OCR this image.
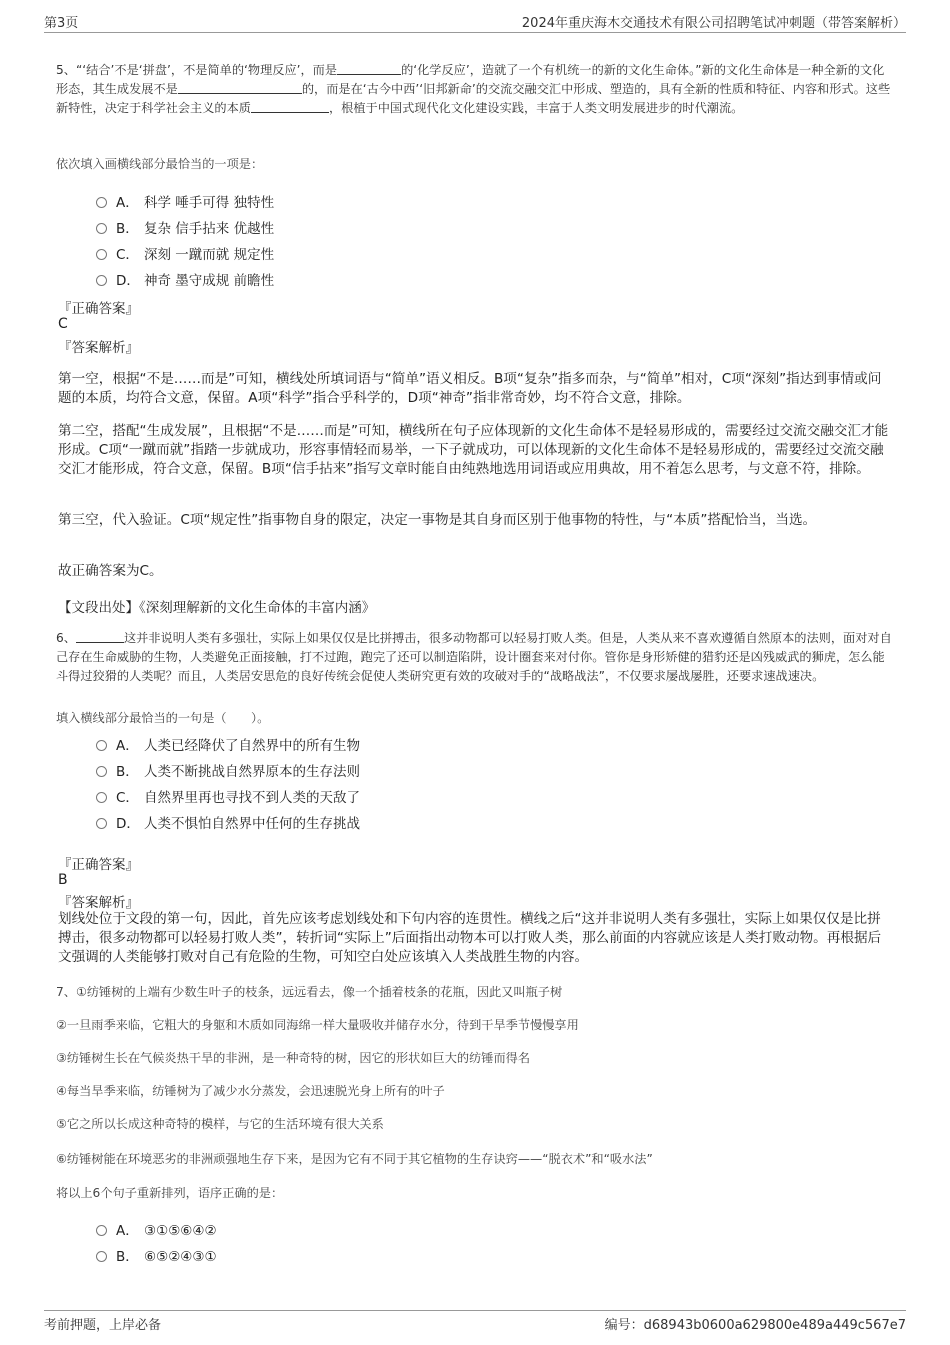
第3页	2024年重庆海木交通技术有限公司招聘笔试冲刺题（带答案解析）

5、“‘结合’不是‘拼盘’，不是简单的‘物理反应’，而是	的‘化学反应’，造就了一个有机统一的新的文化生命体。”新的文化生命体是一种全新的文化形态，其生成发展不是	的，而是在‘古今中西’‘旧邦新命’的交流交融交汇中形成、塑造的，具有全新的性质和特征、内容和形式。这些新特性，决定于科学社会主义的本质	，根植于中国式现代化文化建设实践，丰富于人类文明发展进步的时代潮流。

依次填入画横线部分最恰当的一项是：
A． 科学 唾手可得 独特性
B． 复杂 信手拈来 优越性
C． 深刻 一蹴而就 规定性
D． 神奇 墨守成规 前瞻性
『正确答案』
C
『答案解析』

第一空，根据“不是……而是”可知，横线处所填词语与“简单”语义相反。B项“复杂”指多而杂，与“简单”相对，C项“深刻”指达到事情或问题的本质，均符合文意，保留。A项“科学”指合乎科学的，D项“神奇”指非常奇妙，均不符合文意，排除。

第二空，搭配“生成发展”，且根据“不是……而是”可知，横线所在句子应体现新的文化生命体不是轻易形成的，需要经过交流交融交汇才能形成。C项“一蹴而就”指踏一步就成功，形容事情轻而易举，一下子就成功，可以体现新的文化生命体不是轻易形成的，需要经过交流交融交汇才能形成，符合文意，保留。B项“信手拈来”指写文章时能自由纯熟地选用词语或应用典故，用不着怎么思考，与文意不符，排除。

第三空，代入验证。C项“规定性”指事物自身的限定，决定一事物是其自身而区别于他事物的特性，与“本质”搭配恰当，当选。

故正确答案为C。

【文段出处】《深刻理解新的文化生命体的丰富内涵》

6、	这并非说明人类有多强壮，实际上如果仅仅是比拼搏击，很多动物都可以轻易打败人类。但是，人类从来不喜欢遵循自然原本的法则，面对对自己存在生命威胁的生物，人类避免正面接触，打不过跑，跑完了还可以制造陷阱，设计圈套来对付你。管你是身形矫健的猎豹还是凶残威武的狮虎，怎么能斗得过狡猾的人类呢？而且，人类居安思危的良好传统会促使人类研究更有效的攻破对手的“战略战法”，不仅要求屡战屡胜，还要求速战速决。

填入横线部分最恰当的一句是（　　）。
A． 人类已经降伏了自然界中的所有生物
B． 人类不断挑战自然界原本的生存法则
C． 自然界里再也寻找不到人类的天敌了
D． 人类不惧怕自然界中任何的生存挑战
『正确答案』
B
『答案解析』

划线处位于文段的第一句，因此，首先应该考虑划线处和下句内容的连贯性。横线之后“这并非说明人类有多强壮，实际上如果仅仅是比拼搏击，很多动物都可以轻易打败人类”，转折词“实际上”后面指出动物本可以打败人类，那么前面的内容就应该是人类打败动物。再根据后文强调的人类能够打败对自己有危险的生物，可知空白处应该填入人类战胜生物的内容。

7、①纺锤树的上端有少数生叶子的枝条，远远看去，像一个插着枝条的花瓶，因此又叫瓶子树
②一旦雨季来临，它粗大的身躯和木质如同海绵一样大量吸收并储存水分，待到干旱季节慢慢享用
③纺锤树生长在气候炎热干旱的非洲，是一种奇特的树，因它的形状如巨大的纺锤而得名
④每当旱季来临，纺锤树为了减少水分蒸发，会迅速脱光身上所有的叶子
⑤它之所以长成这种奇特的模样，与它的生活环境有很大关系
⑥纺锤树能在环境恶劣的非洲顽强地生存下来，是因为它有不同于其它植物的生存诀窍——“脱衣术”和“吸水法”
将以上6个句子重新排列，语序正确的是：
A． ③①⑤⑥④②
B． ⑥⑤②④③①
考前押题，上岸必备	编号：d68943b0600a629800e489a449c567e7
